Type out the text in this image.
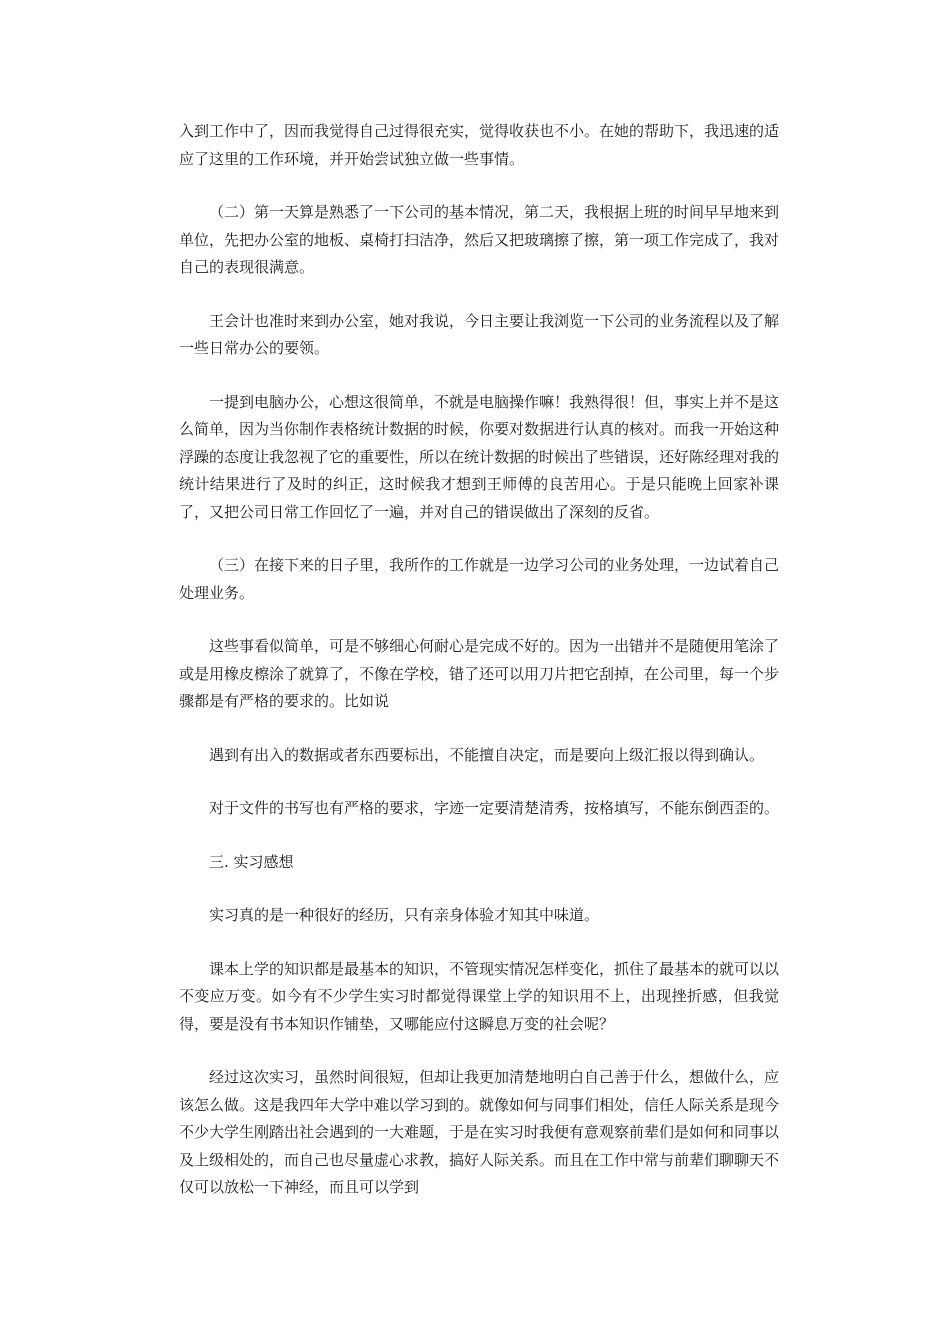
入到工作中了，因而我觉得自己过得很充实，觉得收获也不小。在她的帮助下，我迅速的适应了这里的工作环境，并开始尝试独立做一些事情。

（二）第一天算是熟悉了一下公司的基本情况，第二天，我根据上班的时间早早地来到单位，先把办公室的地板、桌椅打扫洁净，然后又把玻璃擦了擦，第一项工作完成了，我对自己的表现很满意。

王会计也准时来到办公室，她对我说，今日主要让我浏览一下公司的业务流程以及了解一些日常办公的要领。

一提到电脑办公，心想这很简单，不就是电脑操作嘛！我熟得很！但，事实上并不是这么简单，因为当你制作表格统计数据的时候，你要对数据进行认真的核对。而我一开始这种浮躁的态度让我忽视了它的重要性，所以在统计数据的时候出了些错误，还好陈经理对我的统计结果进行了及时的纠正，这时候我才想到王师傅的良苦用心。于是只能晚上回家补课了，又把公司日常工作回忆了一遍，并对自己的错误做出了深刻的反省。

（三）在接下来的日子里，我所作的工作就是一边学习公司的业务处理，一边试着自己处理业务。

这些事看似简单，可是不够细心何耐心是完成不好的。因为一出错并不是随便用笔涂了或是用橡皮檫涂了就算了，不像在学校，错了还可以用刀片把它刮掉，在公司里，每一个步骤都是有严格的要求的。比如说

遇到有出入的数据或者东西要标出，不能擅自决定，而是要向上级汇报以得到确认。

对于文件的书写也有严格的要求，字迹一定要清楚清秀，按格填写，不能东倒西歪的。

三. 实习感想

实习真的是一种很好的经历，只有亲身体验才知其中味道。

课本上学的知识都是最基本的知识，不管现实情况怎样变化，抓住了最基本的就可以以不变应万变。如今有不少学生实习时都觉得课堂上学的知识用不上，出现挫折感，但我觉得，要是没有书本知识作铺垫，又哪能应付这瞬息万变的社会呢？

经过这次实习，虽然时间很短，但却让我更加清楚地明白自己善于什么，想做什么，应该怎么做。这是我四年大学中难以学习到的。就像如何与同事们相处，信任人际关系是现今不少大学生刚踏出社会遇到的一大难题，于是在实习时我便有意观察前辈们是如何和同事以及上级相处的，而自己也尽量虚心求教，搞好人际关系。而且在工作中常与前辈们聊聊天不仅可以放松一下神经，而且可以学到
